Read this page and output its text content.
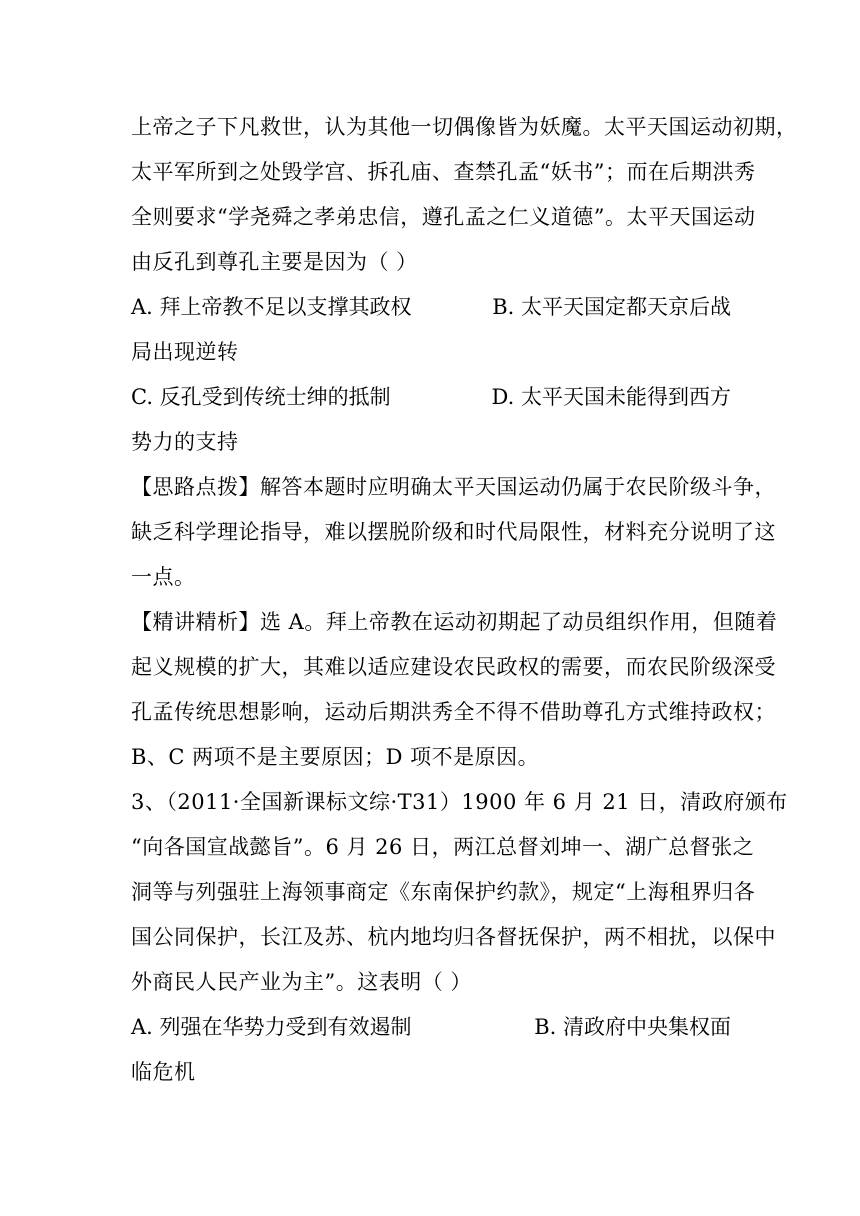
上帝之子下凡救世，认为其他一切偶像皆为妖魔。太平天国运动初期，
太平军所到之处毁学宫、拆孔庙、查禁孔孟“妖书”；而在后期洪秀
全则要求“学尧舜之孝弟忠信，遵孔孟之仁义道德”。太平天国运动
由反孔到尊孔主要是因为（ ）
A. 拜上帝教不足以支撑其政权	B. 太平天国定都天京后战
局出现逆转
C. 反孔受到传统士绅的抵制	D. 太平天国未能得到西方
势力的支持
【思路点拨】解答本题时应明确太平天国运动仍属于农民阶级斗争，
缺乏科学理论指导，难以摆脱阶级和时代局限性，材料充分说明了这
一点。
【精讲精析】选 A。拜上帝教在运动初期起了动员组织作用，但随着
起义规模的扩大，其难以适应建设农民政权的需要，而农民阶级深受
孔孟传统思想影响，运动后期洪秀全不得不借助尊孔方式维持政权；
B、C 两项不是主要原因；D 项不是原因。
3、（2011·全国新课标文综·T31）1900 年 6 月 21 日，清政府颁布
“向各国宣战懿旨”。6 月 26 日，两江总督刘坤一、湖广总督张之
洞等与列强驻上海领事商定《东南保护约款》，规定“上海租界归各
国公同保护，长江及苏、杭内地均归各督抚保护，两不相扰，以保中
外商民人民产业为主”。这表明（ ）
A. 列强在华势力受到有效遏制	B. 清政府中央集权面
临危机
